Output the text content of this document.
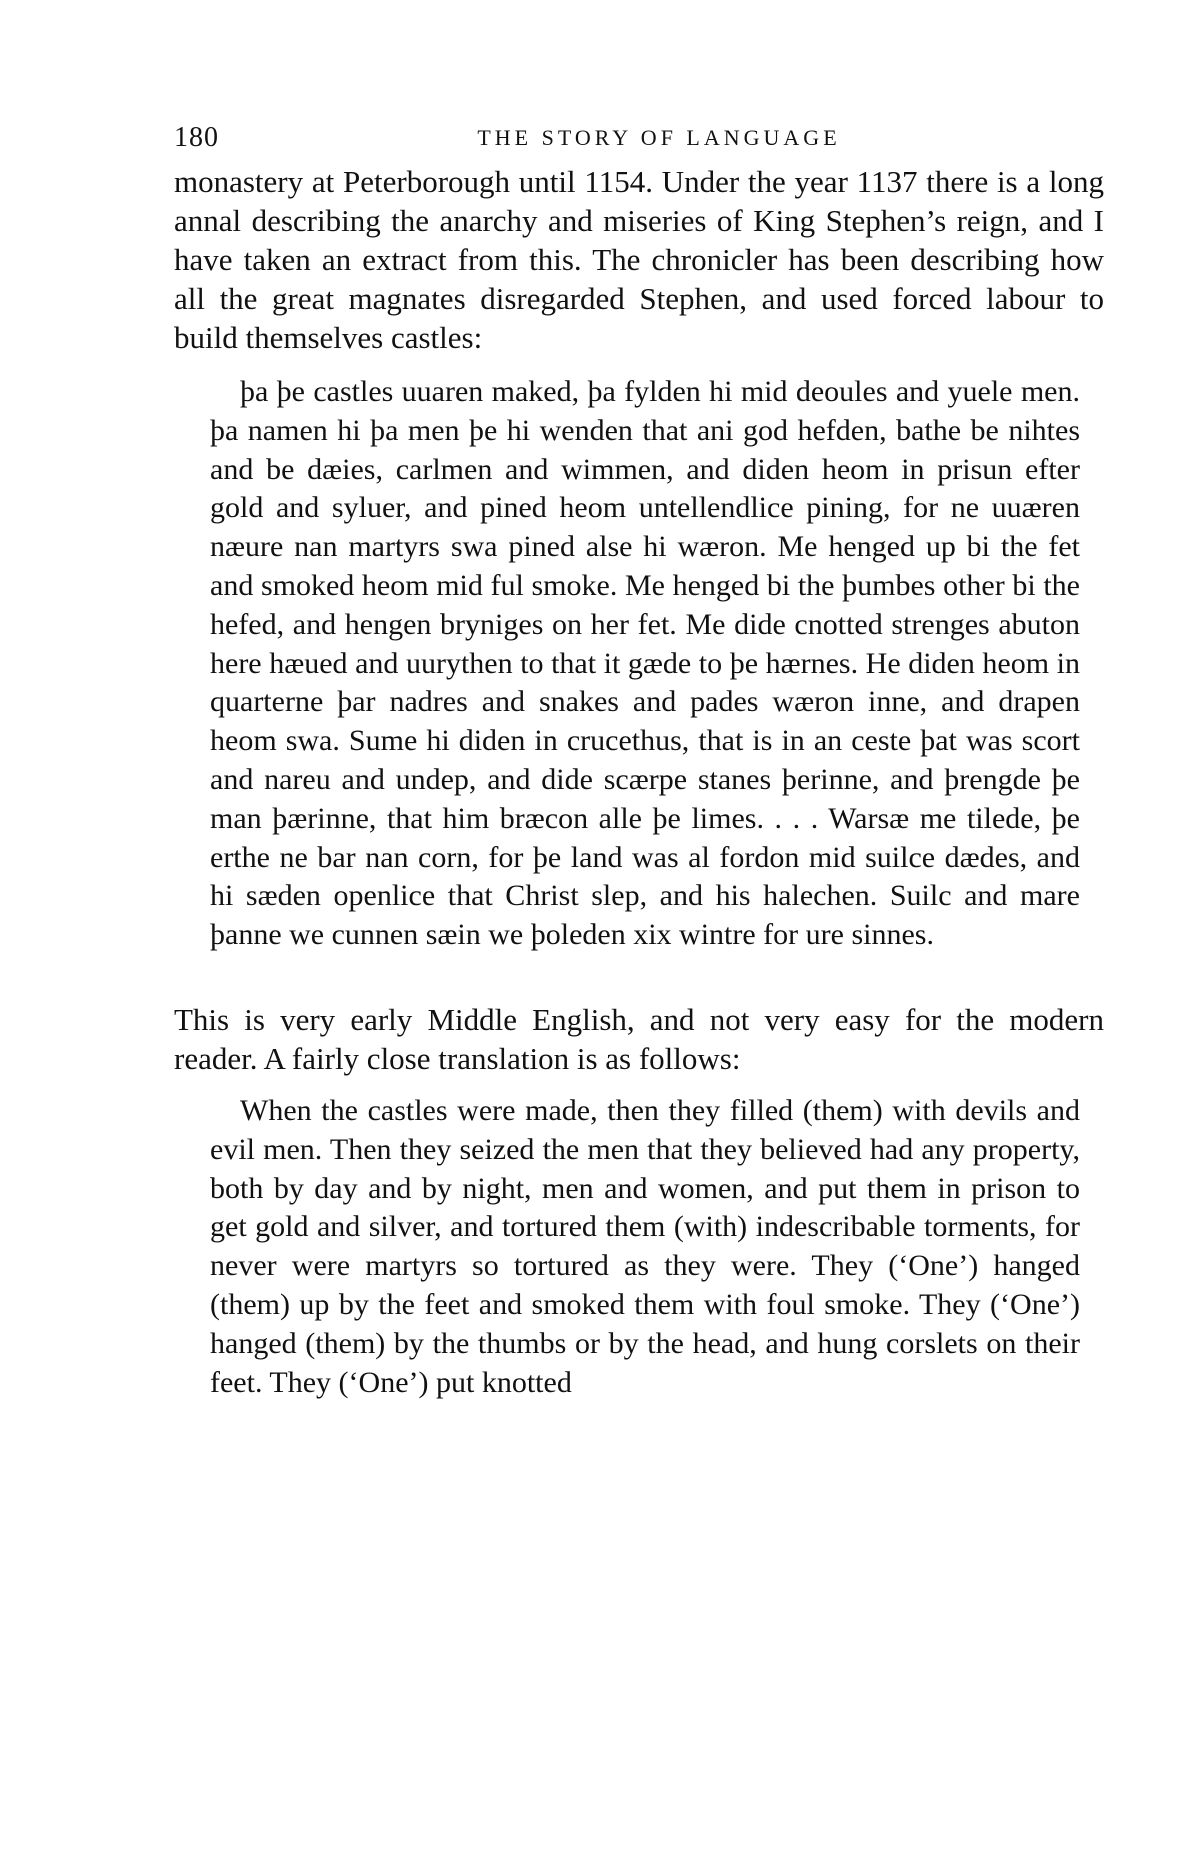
180	THE STORY OF LANGUAGE
monastery at Peterborough until 1154. Under the year 1137 there is a long annal describing the anarchy and miseries of King Stephen’s reign, and I have taken an extract from this. The chronicler has been describing how all the great magnates disregarded Stephen, and used forced labour to build themselves castles:
þa þe castles uuaren maked, þa fylden hi mid deoules and yuele men. þa namen hi þa men þe hi wenden that ani god hefden, bathe be nihtes and be dæies, carlmen and wimmen, and diden heom in prisun efter gold and syluer, and pined heom untellendlice pining, for ne uuæren næure nan martyrs swa pined alse hi wæron. Me henged up bi the fet and smoked heom mid ful smoke. Me henged bi the þumbes other bi the hefed, and hengen bryniges on her fet. Me dide cnotted strenges abuton here hæued and uurythen to that it gæde to þe hærnes. He diden heom in quarterne þar nadres and snakes and pades wæron inne, and drapen heom swa. Sume hi diden in crucethus, that is in an ceste þat was scort and nareu and undep, and dide scærpe stanes þerinne, and þrengde þe man þærinne, that him bræcon alle þe limes. . . . Warsæ me tilede, þe erthe ne bar nan corn, for þe land was al fordon mid suilce dædes, and hi sæden openlice that Christ slep, and his halechen. Suilc and mare þanne we cunnen sæin we þoleden xix wintre for ure sinnes.
This is very early Middle English, and not very easy for the modern reader. A fairly close translation is as follows:
When the castles were made, then they filled (them) with devils and evil men. Then they seized the men that they believed had any property, both by day and by night, men and women, and put them in prison to get gold and silver, and tortured them (with) indescribable torments, for never were martyrs so tortured as they were. They (‘One’) hanged (them) up by the feet and smoked them with foul smoke. They (‘One’) hanged (them) by the thumbs or by the head, and hung corslets on their feet. They (‘One’) put knotted
